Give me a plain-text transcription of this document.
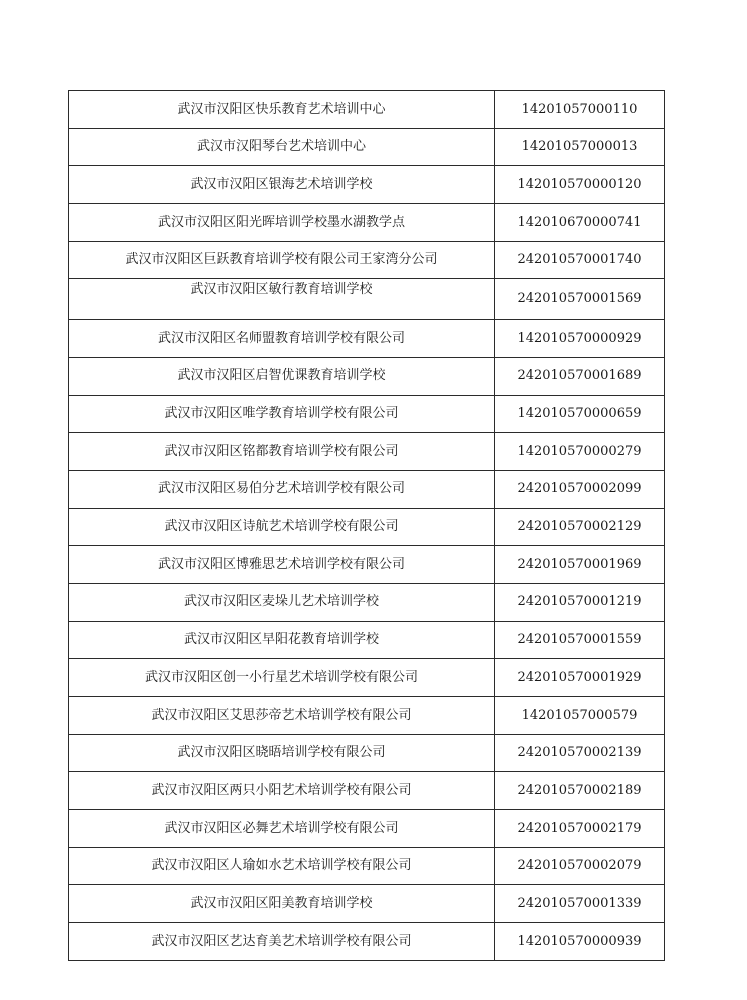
武汉市汉阳区快乐教育艺术培训中心	14201057000110
武汉市汉阳琴台艺术培训中心	14201057000013
武汉市汉阳区银海艺术培训学校	142010570000120
武汉市汉阳区阳光晖培训学校墨水湖教学点	142010670000741
武汉市汉阳区巨跃教育培训学校有限公司王家湾分公司	242010570001740
武汉市汉阳区敏行教育培训学校	242010570001569
武汉市汉阳区名师盟教育培训学校有限公司	142010570000929
武汉市汉阳区启智优课教育培训学校	242010570001689
武汉市汉阳区唯学教育培训学校有限公司	142010570000659
武汉市汉阳区铭都教育培训学校有限公司	142010570000279
武汉市汉阳区易伯分艺术培训学校有限公司	242010570002099
武汉市汉阳区诗航艺术培训学校有限公司	242010570002129
武汉市汉阳区博雅思艺术培训学校有限公司	242010570001969
武汉市汉阳区麦垛儿艺术培训学校	242010570001219
武汉市汉阳区早阳花教育培训学校	242010570001559
武汉市汉阳区创一小行星艺术培训学校有限公司	242010570001929
武汉市汉阳区艾思莎帝艺术培训学校有限公司	14201057000579
武汉市汉阳区晓晤培训学校有限公司	242010570002139
武汉市汉阳区两只小阳艺术培训学校有限公司	242010570002189
武汉市汉阳区必舞艺术培训学校有限公司	242010570002179
武汉市汉阳区人瑜如水艺术培训学校有限公司	242010570002079
武汉市汉阳区阳美教育培训学校	242010570001339
武汉市汉阳区艺达育美艺术培训学校有限公司	142010570000939
